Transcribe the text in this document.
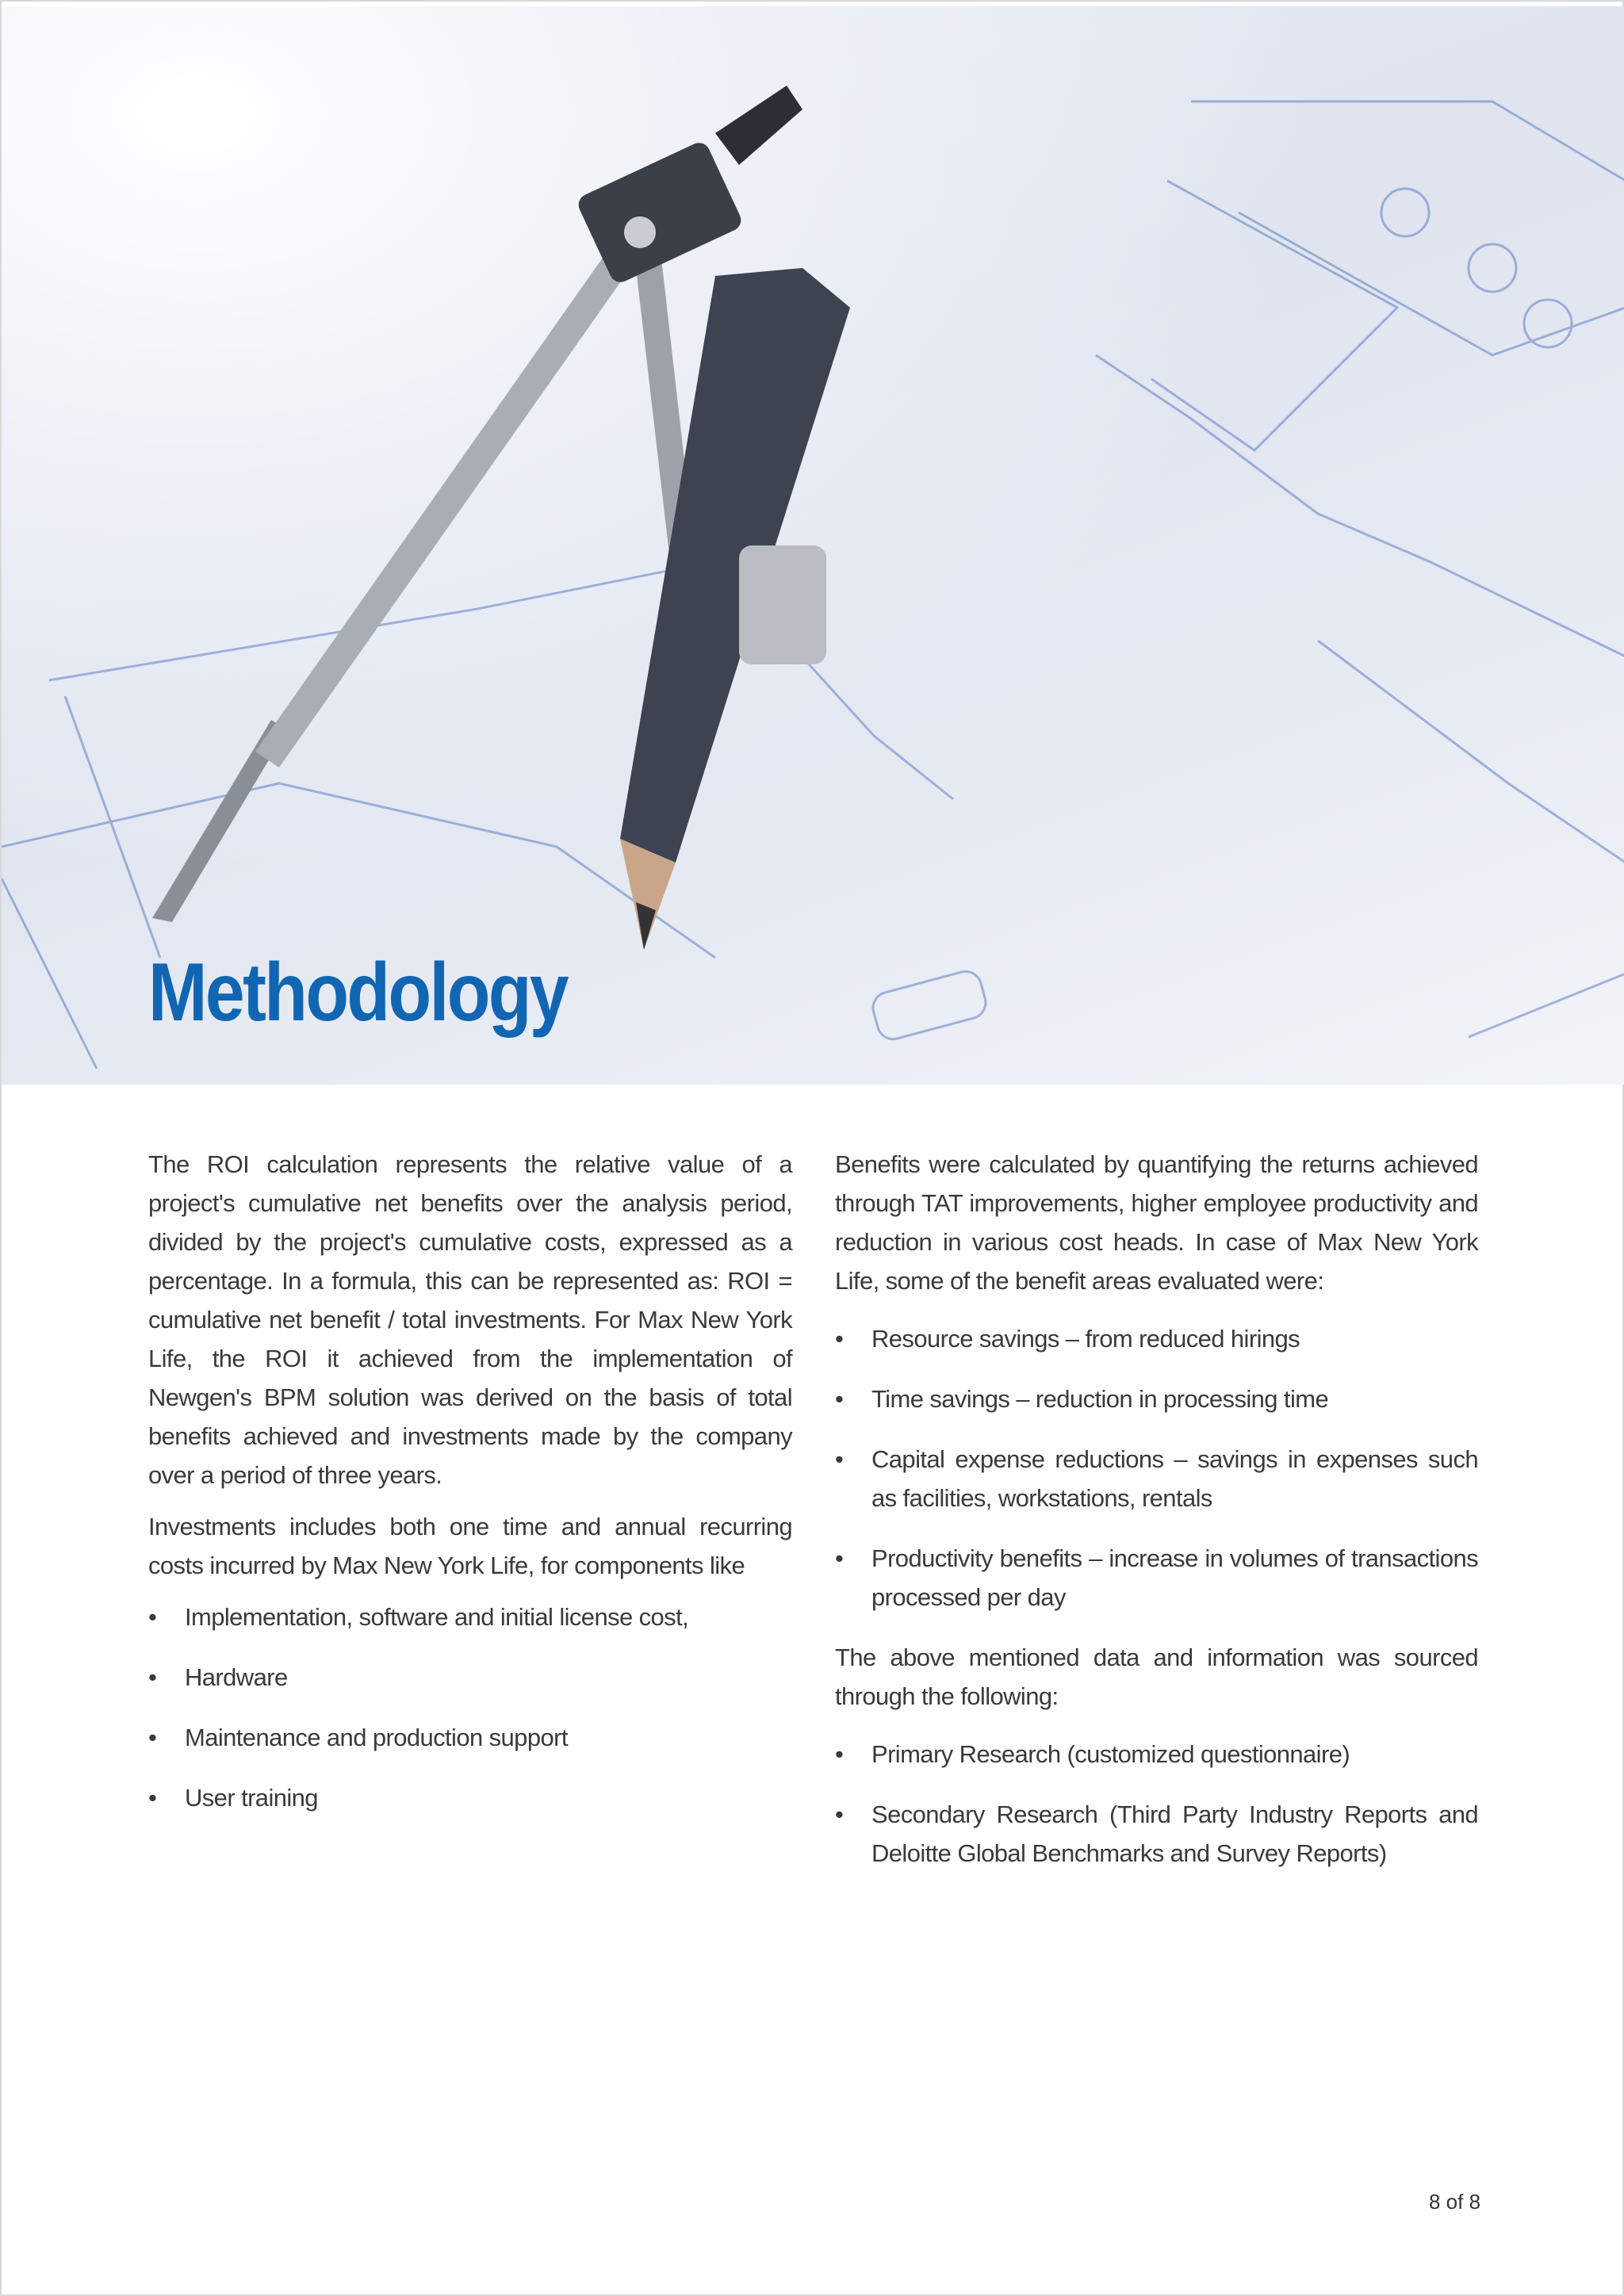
Methodology

The ROI calculation represents the relative value of a project's cumulative net benefits over the analysis period, divided by the project's cumulative costs, expressed as a percentage. In a formula, this can be represented as: ROI = cumulative net benefit / total investments. For Max New York Life, the ROI it achieved from the implementation of Newgen's BPM solution was derived on the basis of total benefits achieved and investments made by the company over a period of three years.

Investments includes both one time and annual recurring costs incurred by Max New York Life, for components like

• Implementation, software and initial license cost,
• Hardware
• Maintenance and production support
• User training

Benefits were calculated by quantifying the returns achieved through TAT improvements, higher employee productivity and reduction in various cost heads. In case of Max New York Life, some of the benefit areas evaluated were:

• Resource savings – from reduced hirings
• Time savings – reduction in processing time
• Capital expense reductions – savings in expenses such as facilities, workstations, rentals
• Productivity benefits – increase in volumes of transactions processed per day

The above mentioned data and information was sourced through the following:

• Primary Research (customized questionnaire)
• Secondary Research (Third Party Industry Reports and Deloitte Global Benchmarks and Survey Reports)
8 of 8
